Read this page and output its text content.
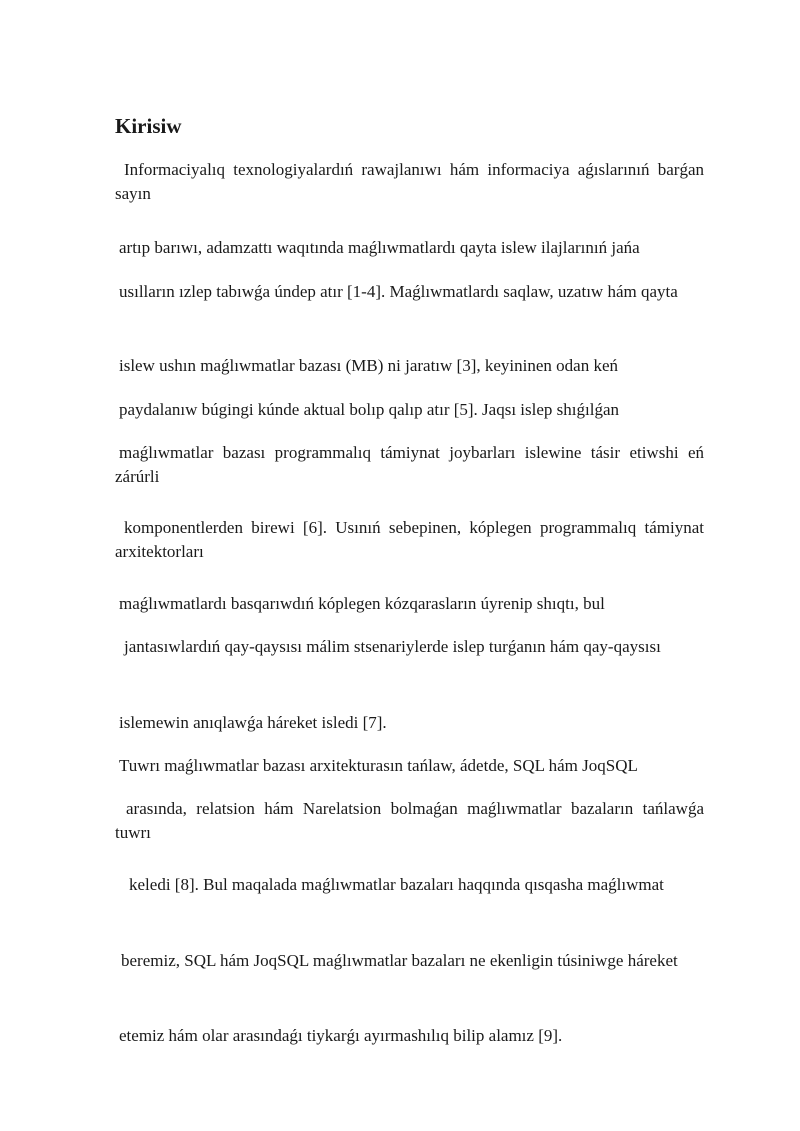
Kirisiw

Informaciyalıq texnologiyalardıń rawajlanıwı hám informaciya aǵıslarınıń barǵan sayın

artıp barıwı, adamzattı waqıtında maǵlıwmatlardı qayta islew ilajlarınıń jańa

usılların ızlep tabıwǵa úndep atır [1-4]. Maǵlıwmatlardı saqlaw, uzatıw hám qayta

islew ushın maǵlıwmatlar bazası (MB) ni jaratıw [3], keyininen odan keń

paydalanıw búgingi kúnde aktual bolıp qalıp atır [5]. Jaqsı islep shıǵılǵan

maǵlıwmatlar bazası programmalıq támiynat joybarları islewine tásir etiwshi eń zárúrli

komponentlerden birewi [6]. Usınıń sebepinen, kóplegen programmalıq támiynat arxitektorları

maǵlıwmatlardı basqarıwdıń kóplegen kózqarasların úyrenip shıqtı, bul

jantasıwlardıń qay-qaysısı málim stsenariylerde islep turǵanın hám qay-qaysısı

islemewin anıqlawǵa háreket isledi [7].

Tuwrı maǵlıwmatlar bazası arxitekturasın tańlaw, ádetde, SQL hám JoqSQL

arasında, relatsion hám Narelatsion bolmaǵan maǵlıwmatlar bazaların tańlawǵa tuwrı

keledi [8]. Bul maqalada maǵlıwmatlar bazaları haqqında qısqasha maǵlıwmat

beremiz, SQL hám JoqSQL maǵlıwmatlar bazaları ne ekenligin túsiniwge háreket

etemiz hám olar arasındaǵı tiykarǵı ayırmashılıq bilip alamız [9].
